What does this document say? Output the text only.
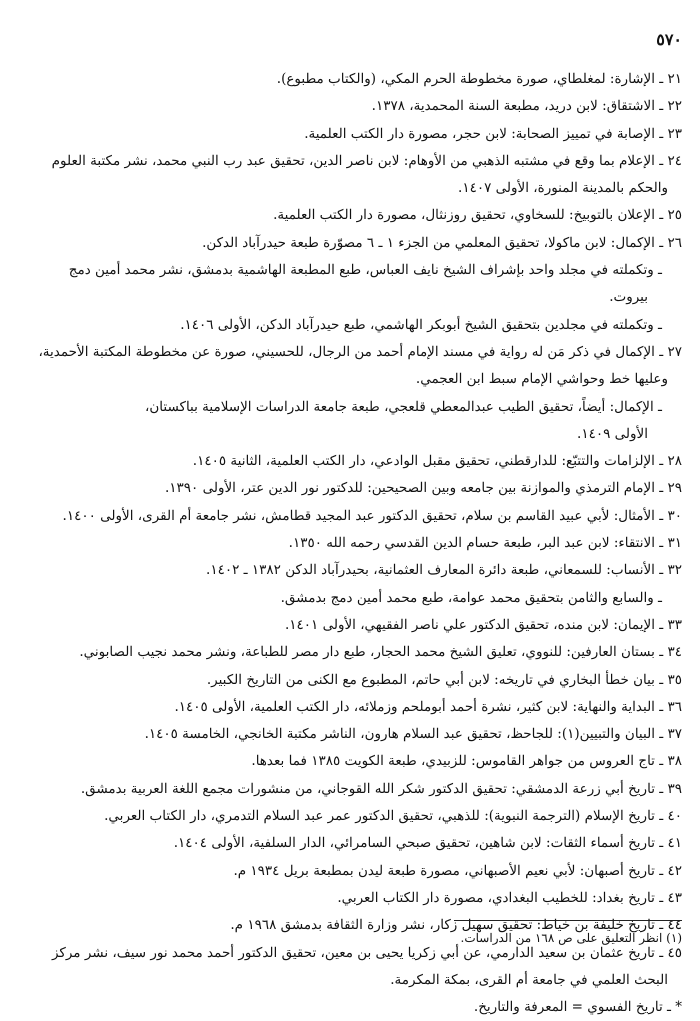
٥٧٠
٢١ ـ الإشارة: لمغلطاي، صورة مخطوطة الحرم المكي، (والكتاب مطبوع).
٢٢ ـ الاشتقاق: لابن دريد، مطبعة السنة المحمدية، ١٣٧٨.
٢٣ ـ الإصابة في تمييز الصحابة: لابن حجر، مصورة دار الكتب العلمية.
٢٤ ـ الإعلام بما وقع في مشتبه الذهبي من الأوهام: لابن ناصر الدين، تحقيق عبد رب النبي محمد، نشر مكتبة العلوم
والحكم بالمدينة المنورة، الأولى ١٤٠٧.
٢٥ ـ الإعلان بالتوبيخ: للسخاوي، تحقيق روزنثال، مصورة دار الكتب العلمية.
٢٦ ـ الإكمال: لابن ماكولا، تحقيق المعلمي من الجزء ١ ـ ٦ مصوّرة طبعة حيدرآباد الدكن.
ـ وتكملته في مجلد واحد بإشراف الشيخ نايف العباس، طبع المطبعة الهاشمية بدمشق، نشر محمد أمين دمج
بيروت.
ـ وتكملته في مجلدين بتحقيق الشيخ أبوبكر الهاشمي، طبع حيدرآباد الدكن، الأولى ١٤٠٦.
٢٧ ـ الإكمال في ذكر مَن له رواية في مسند الإمام أحمد من الرجال، للحسيني، صورة عن مخطوطة المكتبة الأحمدية،
وعليها خط وحواشي الإمام سبط ابن العجمي.
ـ الإكمال: أيضاً، تحقيق الطيب عبدالمعطي قلعجي، طبعة جامعة الدراسات الإسلامية بباكستان،
الأولى ١٤٠٩.
٢٨ ـ الإلزامات والتتبّع: للدارقطني، تحقيق مقبل الوادعي، دار الكتب العلمية، الثانية ١٤٠٥.
٢٩ ـ الإمام الترمذي والموازنة بين جامعه وبين الصحيحين: للدكتور نور الدين عتر، الأولى ١٣٩٠.
٣٠ ـ الأمثال: لأبي عبيد القاسم بن سلام، تحقيق الدكتور عبد المجيد قطامش، نشر جامعة أم القرى، الأولى ١٤٠٠.
٣١ ـ الانتقاء: لابن عبد البر، طبعة حسام الدين القدسي رحمه الله ١٣٥٠.
٣٢ ـ الأنساب: للسمعاني، طبعة دائرة المعارف العثمانية، بحيدرآباد الدكن ١٣٨٢ ـ ١٤٠٢.
ـ والسابع والثامن بتحقيق محمد عوامة، طبع محمد أمين دمج بدمشق.
٣٣ ـ الإيمان: لابن منده، تحقيق الدكتور علي ناصر الفقيهي، الأولى ١٤٠١.
٣٤ ـ بستان العارفين: للنووي، تعليق الشيخ محمد الحجار، طبع دار مصر للطباعة، ونشر محمد نجيب الصابوني.
٣٥ ـ بيان خطأ البخاري في تاريخه: لابن أبي حاتم، المطبوع مع الكنى من التاريخ الكبير.
٣٦ ـ البداية والنهاية: لابن كثير، نشرة أحمد أبوملحم وزملائه، دار الكتب العلمية، الأولى ١٤٠٥.
٣٧ ـ البيان والتبيين(١): للجاحظ، تحقيق عبد السلام هارون، الناشر مكتبة الخانجي، الخامسة ١٤٠٥.
٣٨ ـ تاج العروس من جواهر القاموس: للزبيدي، طبعة الكويت ١٣٨٥ فما بعدها.
٣٩ ـ تاريخ أبي زرعة الدمشقي: تحقيق الدكتور شكر الله القوجاني، من منشورات مجمع اللغة العربية بدمشق.
٤٠ ـ تاريخ الإسلام (الترجمة النبوية): للذهبي، تحقيق الدكتور عمر عبد السلام التدمري، دار الكتاب العربي.
٤١ ـ تاريخ أسماء الثقات: لابن شاهين، تحقيق صبحي السامرائي، الدار السلفية، الأولى ١٤٠٤.
٤٢ ـ تاريخ أصبهان: لأبي نعيم الأصبهاني، مصورة طبعة ليدن بمطبعة بريل ١٩٣٤ م.
٤٣ ـ تاريخ بغداد: للخطيب البغدادي، مصورة دار الكتاب العربي.
٤٤ ـ تاريخ خليفة بن خياط: تحقيق سهيل زكار، نشر وزارة الثقافة بدمشق ١٩٦٨ م.
٤٥ ـ تاريخ عثمان بن سعيد الدارمي، عن أبي زكريا يحيى بن معين، تحقيق الدكتور أحمد محمد نور سيف، نشر مركز
البحث العلمي في جامعة أم القرى، بمكة المكرمة.
* ـ تاريخ الفسوي = المعرفة والتاريخ.
(١) انظر التعليق على ص ١٦٨ من الدراسات.
